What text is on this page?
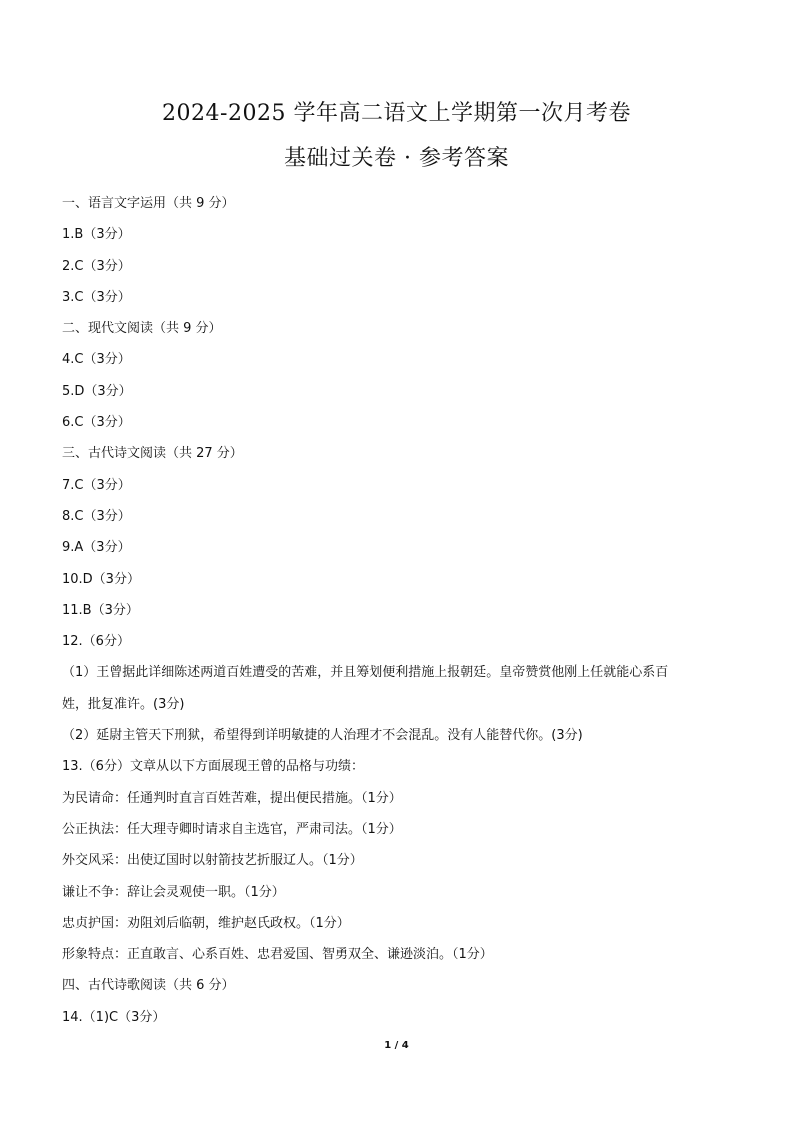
2024-2025 学年高二语文上学期第一次月考卷
基础过关卷 · 参考答案
一、语言文字运用（共 9 分）
1.B（3分）
2.C（3分）
3.C（3分）
二、现代文阅读（共 9 分）
4.C（3分）
5.D（3分）
6.C（3分）
三、古代诗文阅读（共 27 分）
7.C（3分）
8.C（3分）
9.A（3分）
10.D（3分）
11.B（3分）
12.（6分）
（1）王曾据此详细陈述两道百姓遭受的苦难，并且筹划便利措施上报朝廷。皇帝赞赏他刚上任就能心系百
姓，批复准许。(3分)
（2）延尉主管天下刑狱，希望得到详明敏捷的人治理才不会混乱。没有人能替代你。(3分)
13.（6分）文章从以下方面展现王曾的品格与功绩：
为民请命：任通判时直言百姓苦难，提出便民措施。（1分）
公正执法：任大理寺卿时请求自主选官，严肃司法。（1分）
外交风采：出使辽国时以射箭技艺折服辽人。（1分）
谦让不争：辞让会灵观使一职。（1分）
忠贞护国：劝阻刘后临朝，维护赵氏政权。（1分）
形象特点：正直敢言、心系百姓、忠君爱国、智勇双全、谦逊淡泊。（1分）
四、古代诗歌阅读（共 6 分）
14.（1)C（3分）
1 / 4
